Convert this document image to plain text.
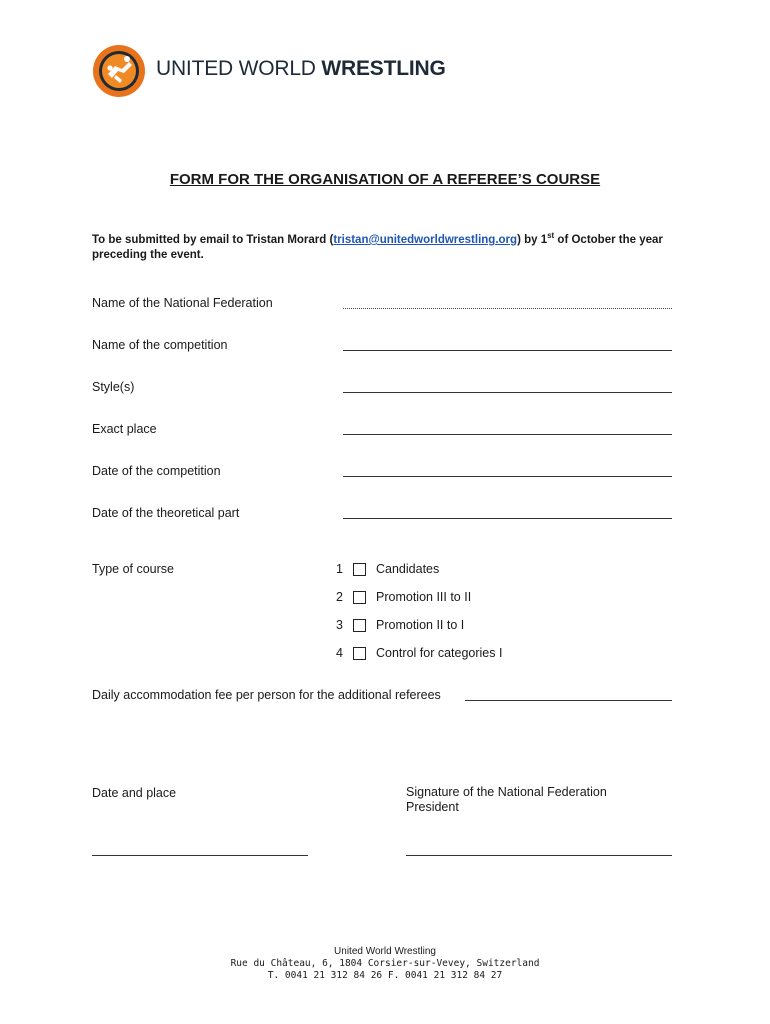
UNITED WORLD WRESTLING
FORM FOR THE ORGANISATION OF A REFEREE’S COURSE
To be submitted by email to Tristan Morard (tristan@unitedworldwrestling.org) by 1st of October the year preceding the event.
Name of the National Federation
Name of the competition
Style(s)
Exact place
Date of the competition
Date of the theoretical part
Type of course	1	Candidates
2	Promotion III to II
3	Promotion II to I
4	Control for categories I
Daily accommodation fee per person for the additional referees
Date and place	Signature of the National Federation President
United World Wrestling
Rue du Château, 6, 1804 Corsier-sur-Vevey, Switzerland
T. 0041 21 312 84 26 F. 0041 21 312 84 27
